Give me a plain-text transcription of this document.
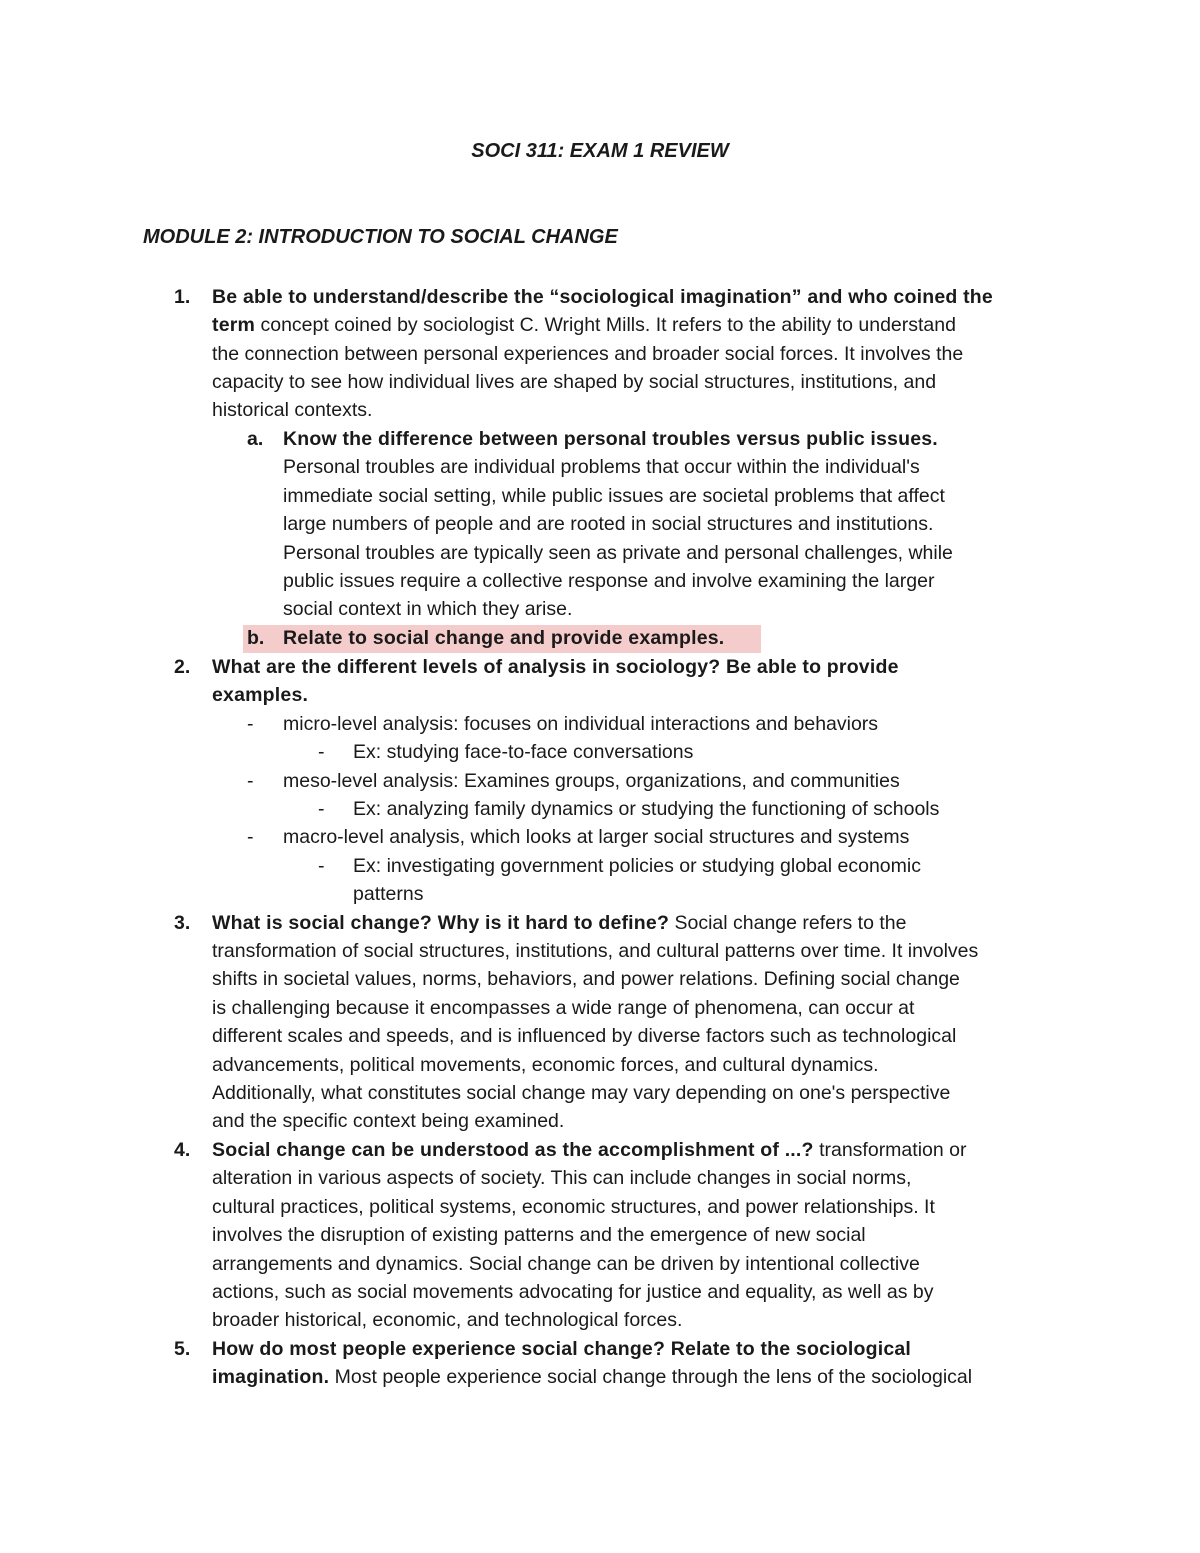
SOCI 311: EXAM 1 REVIEW
MODULE 2: INTRODUCTION TO SOCIAL CHANGE
1. Be able to understand/describe the “sociological imagination” and who coined the
term concept coined by sociologist C. Wright Mills. It refers to the ability to understand
the connection between personal experiences and broader social forces. It involves the
capacity to see how individual lives are shaped by social structures, institutions, and
historical contexts.
a. Know the difference between personal troubles versus public issues.
Personal troubles are individual problems that occur within the individual's
immediate social setting, while public issues are societal problems that affect
large numbers of people and are rooted in social structures and institutions.
Personal troubles are typically seen as private and personal challenges, while
public issues require a collective response and involve examining the larger
social context in which they arise.
b. Relate to social change and provide examples.
2. What are the different levels of analysis in sociology? Be able to provide
examples.
- micro-level analysis: focuses on individual interactions and behaviors
- Ex: studying face-to-face conversations
- meso-level analysis: Examines groups, organizations, and communities
- Ex: analyzing family dynamics or studying the functioning of schools
- macro-level analysis, which looks at larger social structures and systems
- Ex: investigating government policies or studying global economic
patterns
3. What is social change? Why is it hard to define? Social change refers to the
transformation of social structures, institutions, and cultural patterns over time. It involves
shifts in societal values, norms, behaviors, and power relations. Defining social change
is challenging because it encompasses a wide range of phenomena, can occur at
different scales and speeds, and is influenced by diverse factors such as technological
advancements, political movements, economic forces, and cultural dynamics.
Additionally, what constitutes social change may vary depending on one's perspective
and the specific context being examined.
4. Social change can be understood as the accomplishment of ...? transformation or
alteration in various aspects of society. This can include changes in social norms,
cultural practices, political systems, economic structures, and power relationships. It
involves the disruption of existing patterns and the emergence of new social
arrangements and dynamics. Social change can be driven by intentional collective
actions, such as social movements advocating for justice and equality, as well as by
broader historical, economic, and technological forces.
5. How do most people experience social change? Relate to the sociological
imagination. Most people experience social change through the lens of the sociological
